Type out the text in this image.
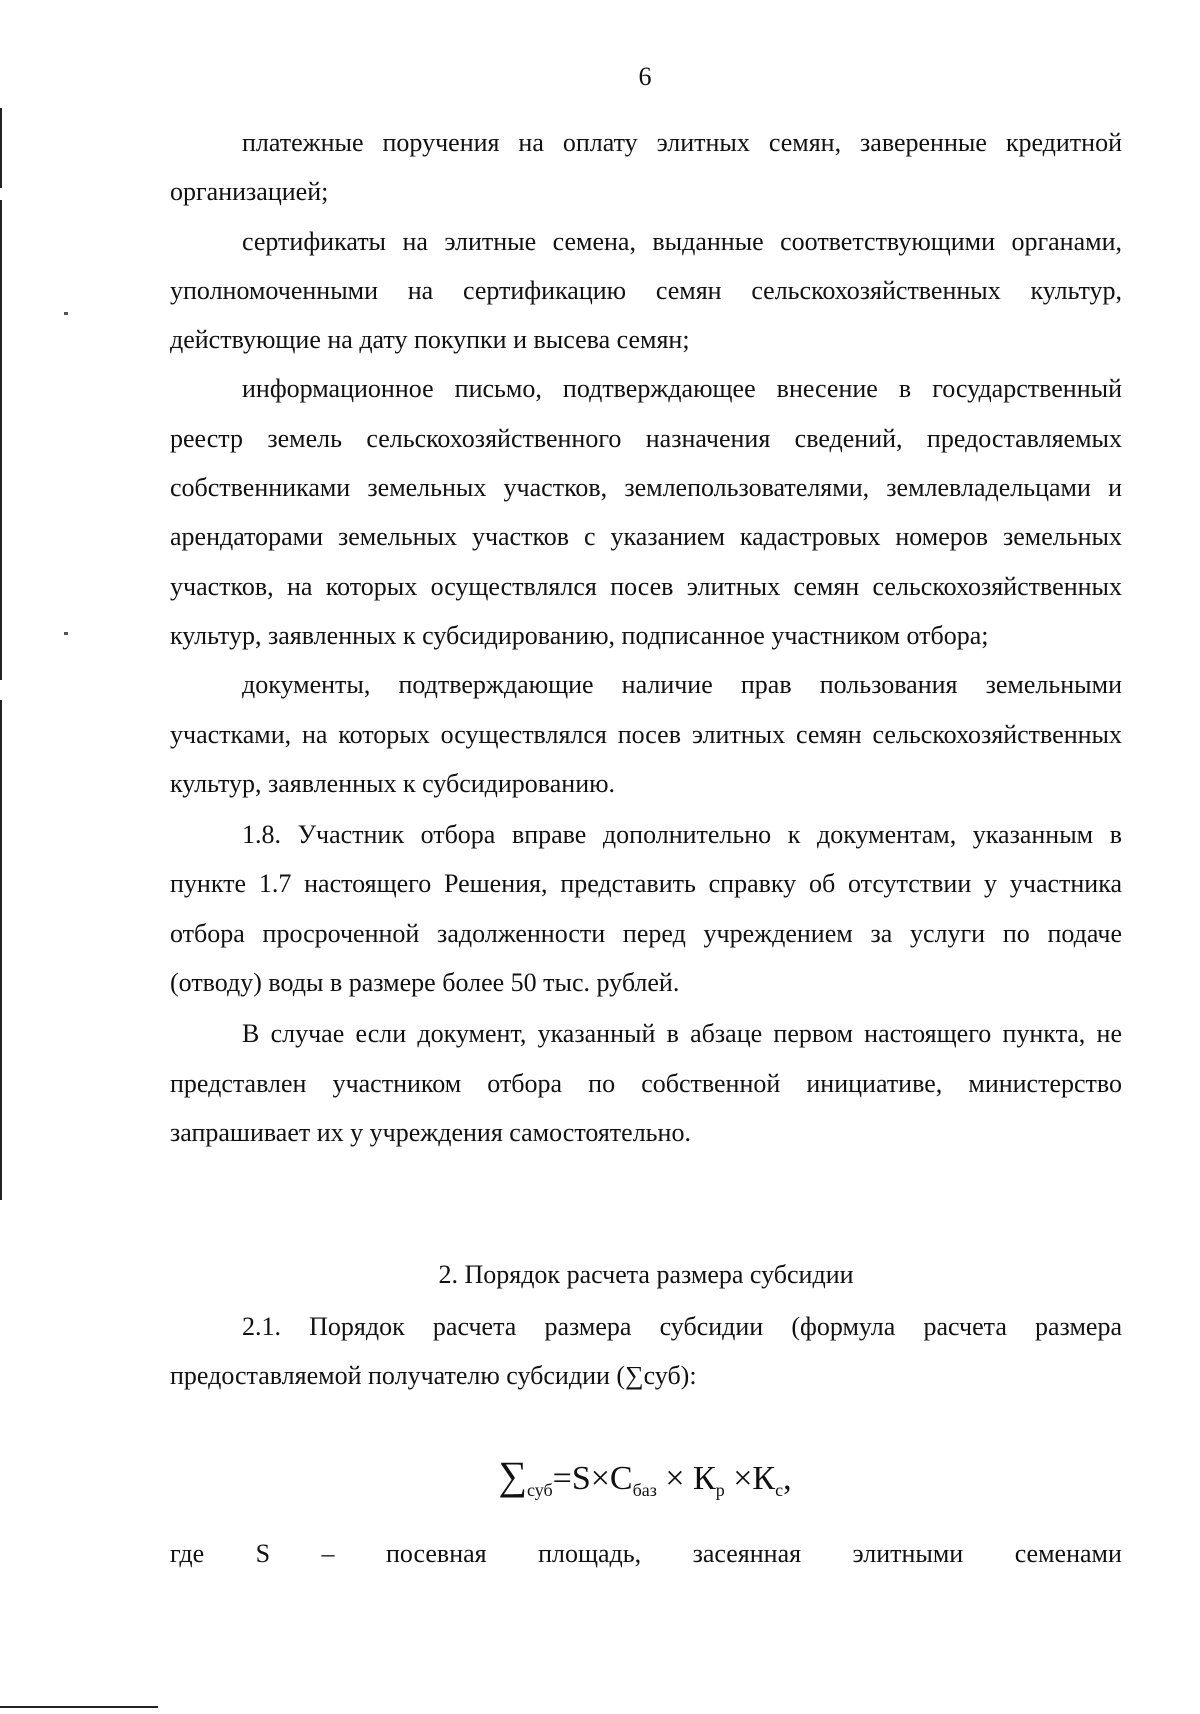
6

платежные поручения на оплату элитных семян, заверенные кредитной организацией;

сертификаты на элитные семена, выданные соответствующими органами, уполномоченными на сертификацию семян сельскохозяйственных культур, действующие на дату покупки и высева семян;

информационное письмо, подтверждающее внесение в государственный реестр земель сельскохозяйственного назначения сведений, предоставляемых собственниками земельных участков, землепользователями, землевладельцами и арендаторами земельных участков с указанием кадастровых номеров земельных участков, на которых осуществлялся посев элитных семян сельскохозяйственных культур, заявленных к субсидированию, подписанное участником отбора;

документы, подтверждающие наличие прав пользования земельными участками, на которых осуществлялся посев элитных семян сельскохозяйственных культур, заявленных к субсидированию.

1.8. Участник отбора вправе дополнительно к документам, указанным в пункте 1.7 настоящего Решения, представить справку об отсутствии у участника отбора просроченной задолженности перед учреждением за услуги по подаче (отводу) воды в размере более 50 тыс. рублей.

В случае если документ, указанный в абзаце первом настоящего пункта, не представлен участником отбора по собственной инициативе, министерство запрашивает их у учреждения самостоятельно.

2. Порядок расчета размера субсидии

2.1. Порядок расчета размера субсидии (формула расчета размера предоставляемой получателю субсидии (∑суб):

$\sum_{суб}=S\times C_{баз} \times К_р \times К_с$,
где S – посевная площадь, засеянная элитными семенами
